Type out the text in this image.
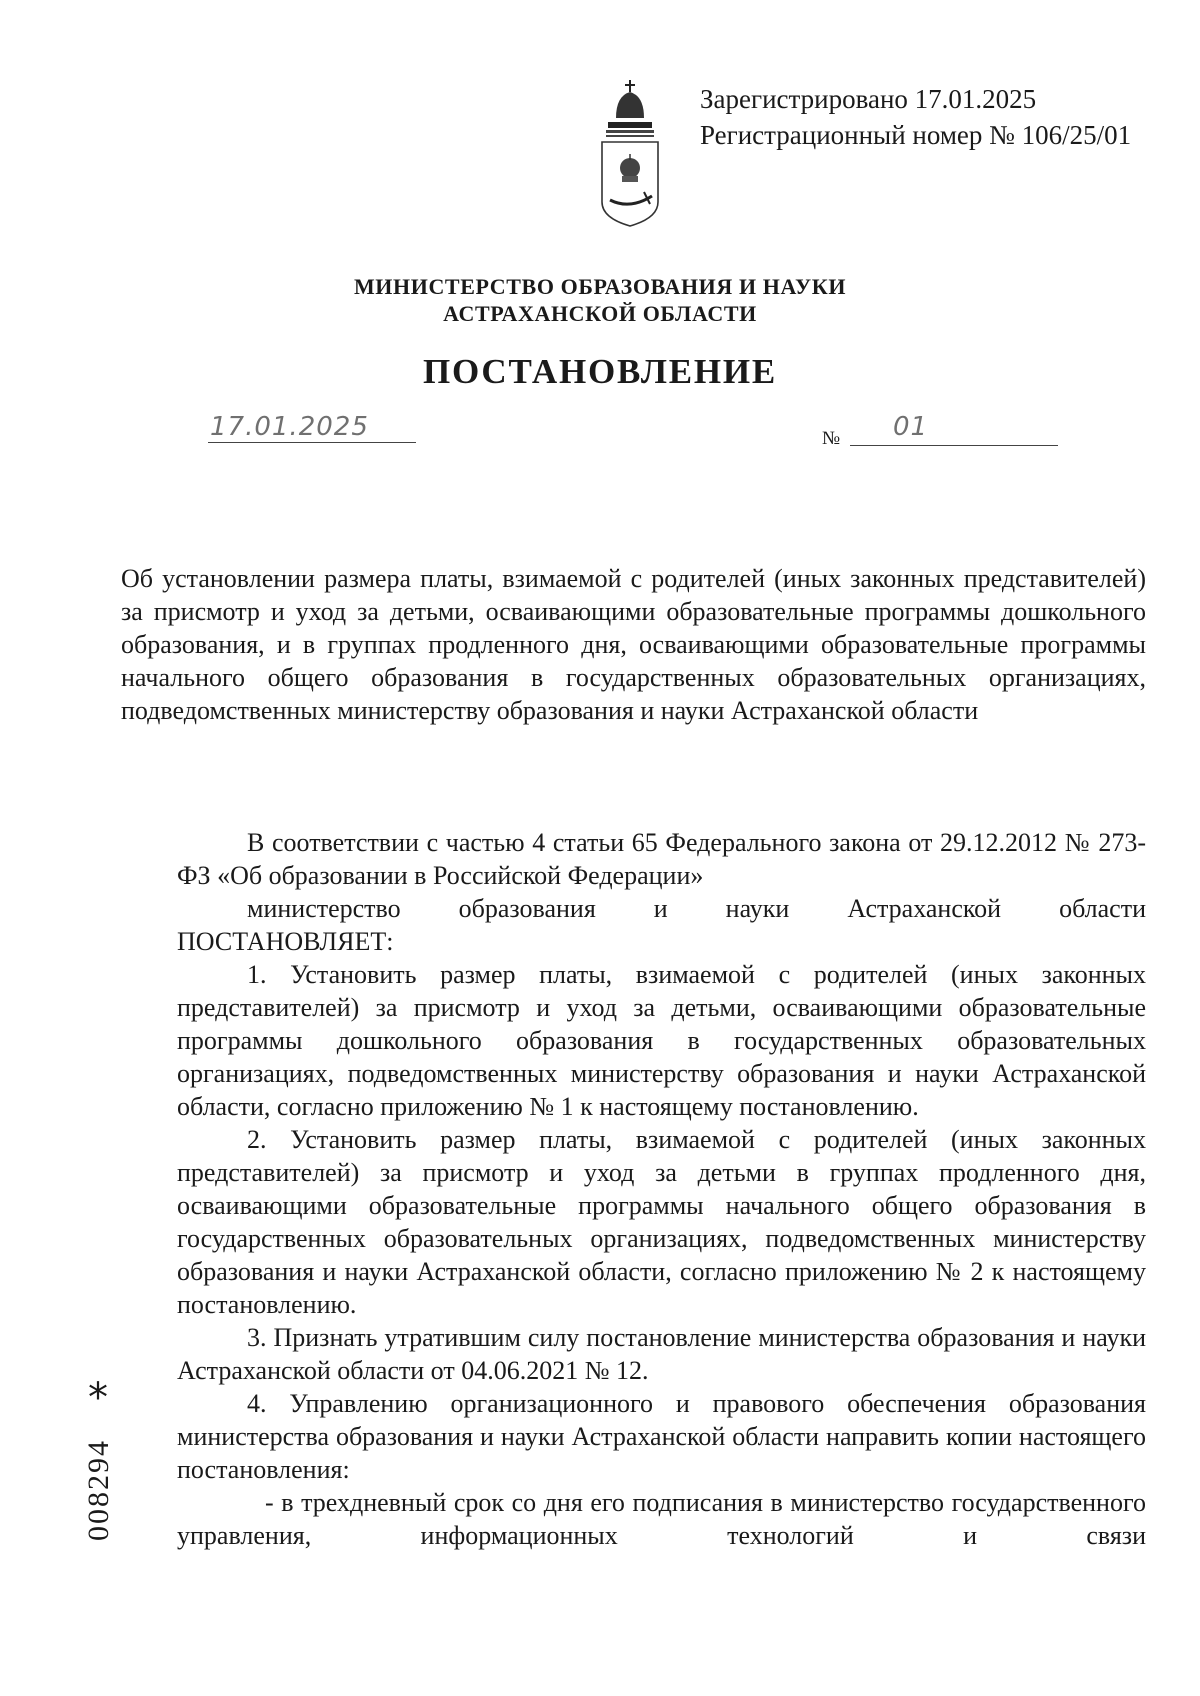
Зарегистрировано 17.01.2025
Регистрационный номер № 106/25/01
МИНИСТЕРСТВО ОБРАЗОВАНИЯ И НАУКИ
АСТРАХАНСКОЙ ОБЛАСТИ
ПОСТАНОВЛЕНИЕ
17.01.2025	№ 01
Об установлении размера платы, взимаемой с родителей (иных законных представителей) за присмотр и уход за детьми, осваивающими образовательные программы дошкольного образования, и в группах продленного дня, осваивающими образовательные программы начального общего образования в государственных образовательных организациях, подведомственных министерству образования и науки Астраханской области

В соответствии с частью 4 статьи 65 Федерального закона от 29.12.2012 № 273-ФЗ «Об образовании в Российской Федерации»

министерство образования и науки Астраханской области

ПОСТАНОВЛЯЕТ:

1. Установить размер платы, взимаемой с родителей (иных законных представителей) за присмотр и уход за детьми, осваивающими образовательные программы дошкольного образования в государственных образовательных организациях, подведомственных министерству образования и науки Астраханской области, согласно приложению № 1 к настоящему постановлению.

2. Установить размер платы, взимаемой с родителей (иных законных представителей) за присмотр и уход за детьми в группах продленного дня, осваивающими образовательные программы начального общего образования в государственных образовательных организациях, подведомственных министерству образования и науки Астраханской области, согласно приложению № 2 к настоящему постановлению.

3. Признать утратившим силу постановление министерства образования и науки Астраханской области от 04.06.2021 № 12.

4. Управлению организационного и правового обеспечения образования министерства образования и науки Астраханской области направить копии настоящего постановления:

- в трехдневный срок со дня его подписания в министерство государственного управления, информационных технологий и связи

*
008294
